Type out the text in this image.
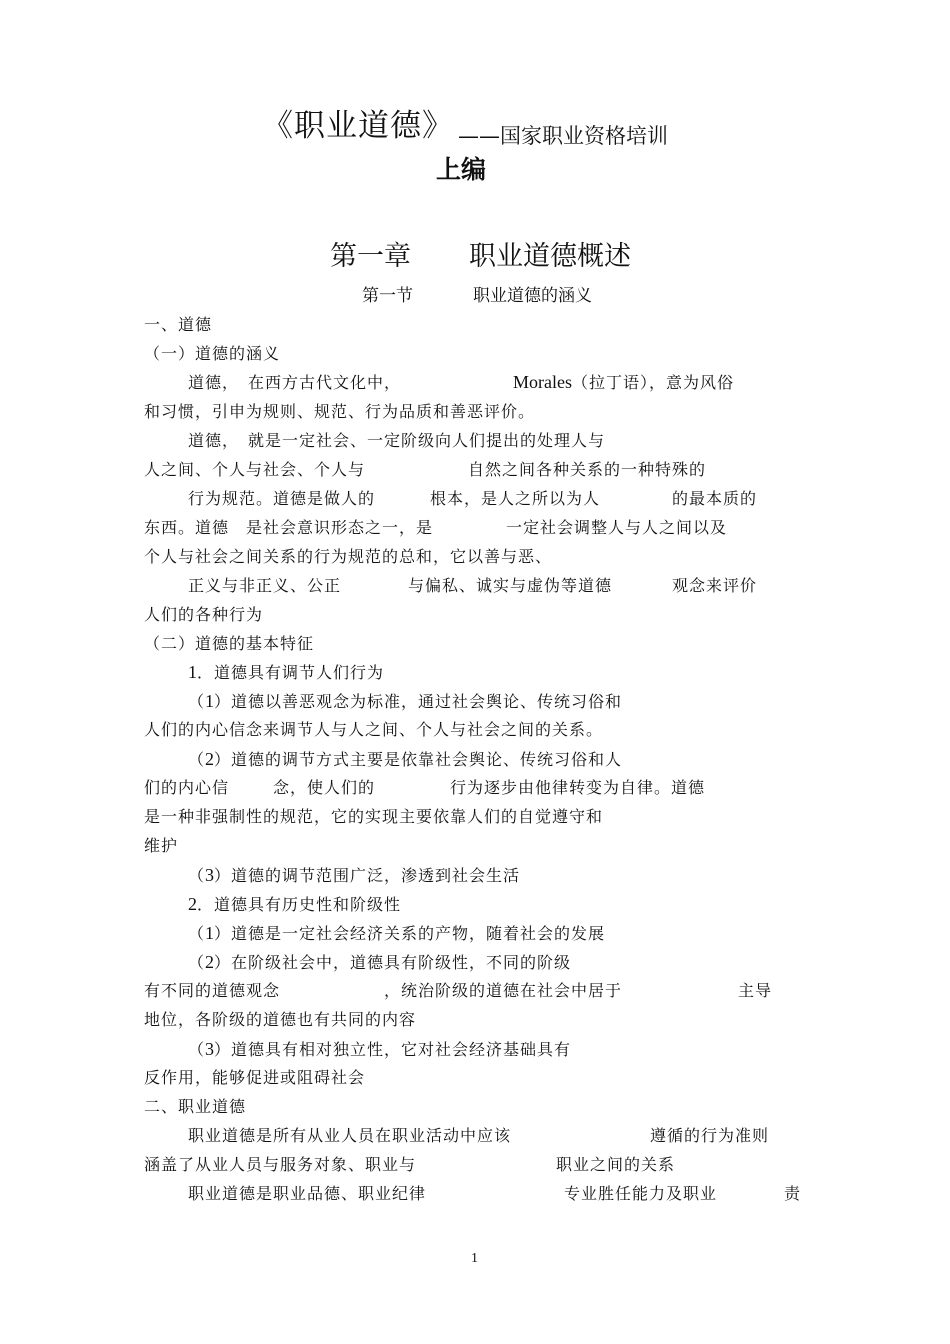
《职业道德》 ——国家职业资格培训
上编
第一章 职业道德概述
第一节	职业道德的涵义
一、道德
（一）道德的涵义
道德，　在西方古代文化中，	Morales（拉丁语），意为风俗
和习惯，引申为规则、规范、行为品质和善恶评价。
道德，　就是一定社会、一定阶级向人们提出的处理人与
人之间、个人与社会、个人与	自然之间各种关系的一种特殊的
行为规范。道德是做人的	根本，是人之所以为人	的最本质的
东西。道德 是社会意识形态之一，是	一定社会调整人与人之间以及
个人与社会之间关系的行为规范的总和，它以善与恶、
正义与非正义、公正	与偏私、诚实与虚伪等道德	观念来评价
人们的各种行为
（二）道德的基本特征
1．道德具有调节人们行为
（1）道德以善恶观念为标准，通过社会舆论、传统习俗和
人们的内心信念来调节人与人之间、个人与社会之间的关系。
（2）道德的调节方式主要是依靠社会舆论、传统习俗和人
们的内心信	念，使人们的	行为逐步由他律转变为自律。道德
是一种非强制性的规范，它的实现主要依靠人们的自觉遵守和
维护
（3）道德的调节范围广泛，渗透到社会生活
2．道德具有历史性和阶级性
（1）道德是一定社会经济关系的产物，随着社会的发展
（2）在阶级社会中，道德具有阶级性，不同的阶级
有不同的道德观念	，统治阶级的道德在社会中居于	主导
地位，各阶级的道德也有共同的内容
（3）道德具有相对独立性，它对社会经济基础具有
反作用，能够促进或阻碍社会
二、职业道德
职业道德是所有从业人员在职业活动中应该	遵循的行为准则
涵盖了从业人员与服务对象、职业与	职业之间的关系
职业道德是职业品德、职业纪律	专业胜任能力及职业	责
1
